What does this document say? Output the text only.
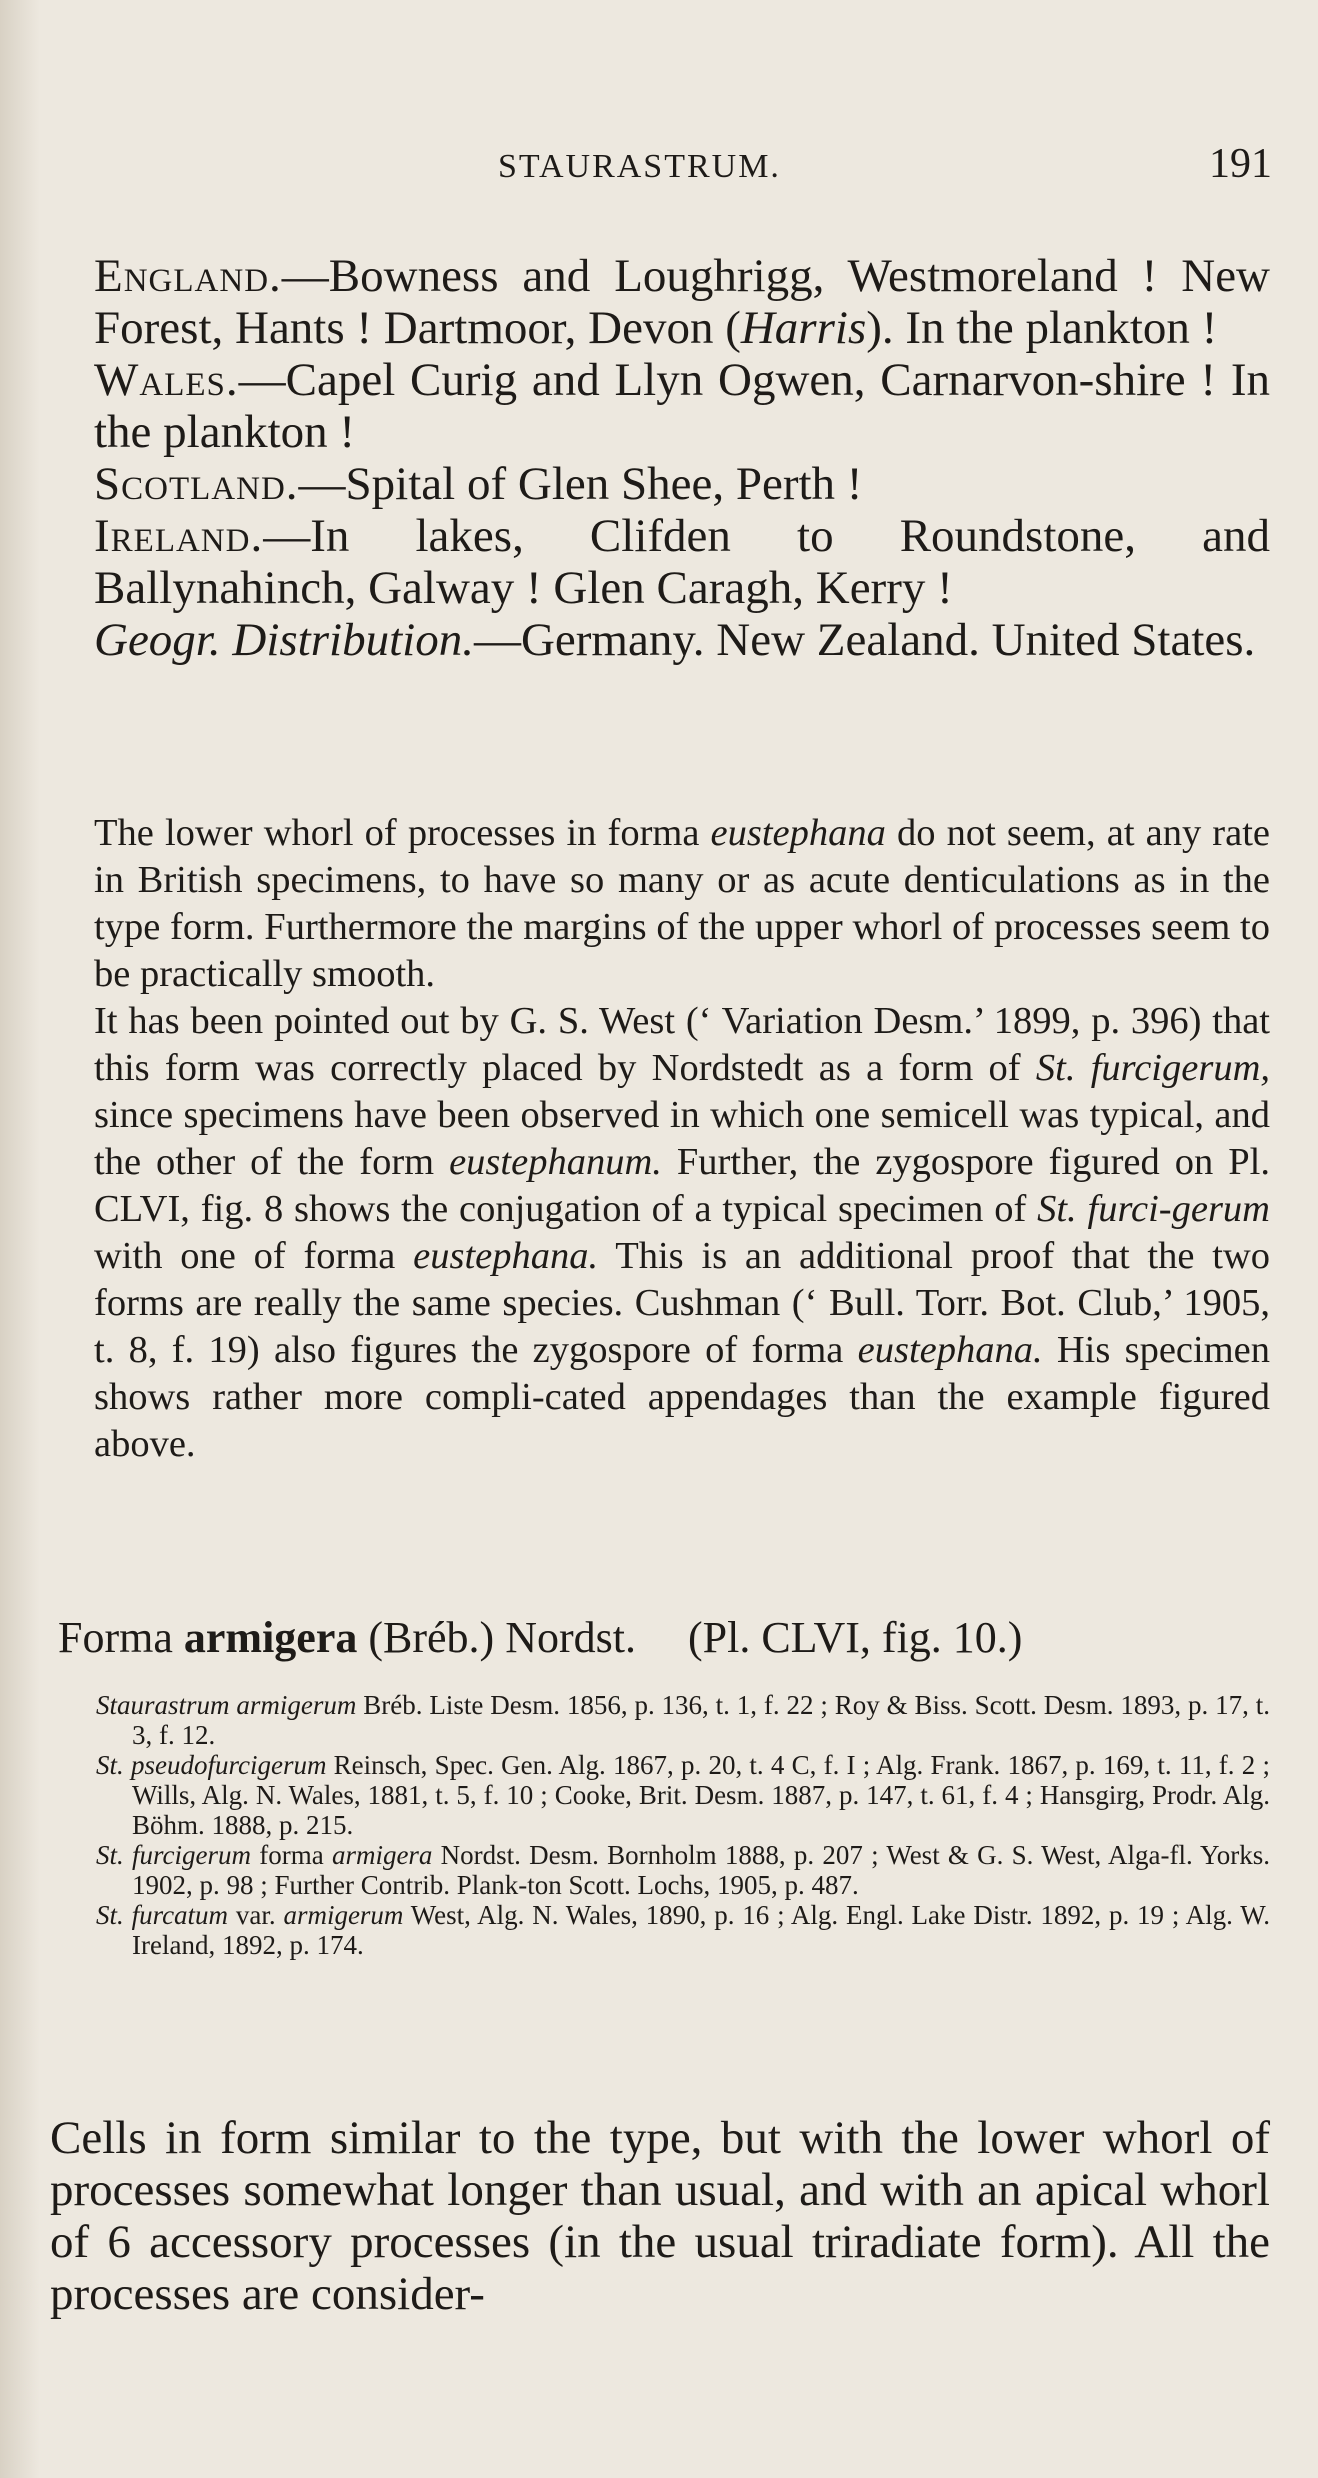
STAURASTRUM.	191

England.—Bowness and Loughrigg, Westmoreland ! New Forest, Hants ! Dartmoor, Devon (Harris). In the plankton !

Wales.—Capel Curig and Llyn Ogwen, Carnarvon-shire ! In the plankton !

Scotland.—Spital of Glen Shee, Perth !

Ireland.—In lakes, Clifden to Roundstone, and Ballynahinch, Galway ! Glen Caragh, Kerry !

Geogr. Distribution.—Germany. New Zealand. United States.

The lower whorl of processes in forma eustephana do not seem, at any rate in British specimens, to have so many or as acute denticulations as in the type form. Furthermore the margins of the upper whorl of processes seem to be practically smooth.

It has been pointed out by G. S. West (‘ Variation Desm.’ 1899, p. 396) that this form was correctly placed by Nordstedt as a form of St. furcigerum, since specimens have been observed in which one semicell was typical, and the other of the form eustephanum. Further, the zygospore figured on Pl. CLVI, fig. 8 shows the conjugation of a typical specimen of St. furci-gerum with one of forma eustephana. This is an additional proof that the two forms are really the same species. Cushman (‘ Bull. Torr. Bot. Club,’ 1905, t. 8, f. 19) also figures the zygospore of forma eustephana. His specimen shows rather more compli-cated appendages than the example figured above.

Forma armigera (Bréb.) Nordst. (Pl. CLVI, fig. 10.)

Staurastrum armigerum Bréb. Liste Desm. 1856, p. 136, t. 1, f. 22 ; Roy & Biss. Scott. Desm. 1893, p. 17, t. 3, f. 12.

St. pseudofurcigerum Reinsch, Spec. Gen. Alg. 1867, p. 20, t. 4 C, f. I ; Alg. Frank. 1867, p. 169, t. 11, f. 2 ; Wills, Alg. N. Wales, 1881, t. 5, f. 10 ; Cooke, Brit. Desm. 1887, p. 147, t. 61, f. 4 ; Hansgirg, Prodr. Alg. Böhm. 1888, p. 215.

St. furcigerum forma armigera Nordst. Desm. Bornholm 1888, p. 207 ; West & G. S. West, Alga-fl. Yorks. 1902, p. 98 ; Further Contrib. Plank-ton Scott. Lochs, 1905, p. 487.

St. furcatum var. armigerum West, Alg. N. Wales, 1890, p. 16 ; Alg. Engl. Lake Distr. 1892, p. 19 ; Alg. W. Ireland, 1892, p. 174.

Cells in form similar to the type, but with the lower whorl of processes somewhat longer than usual, and with an apical whorl of 6 accessory processes (in the usual triradiate form). All the processes are consider-
